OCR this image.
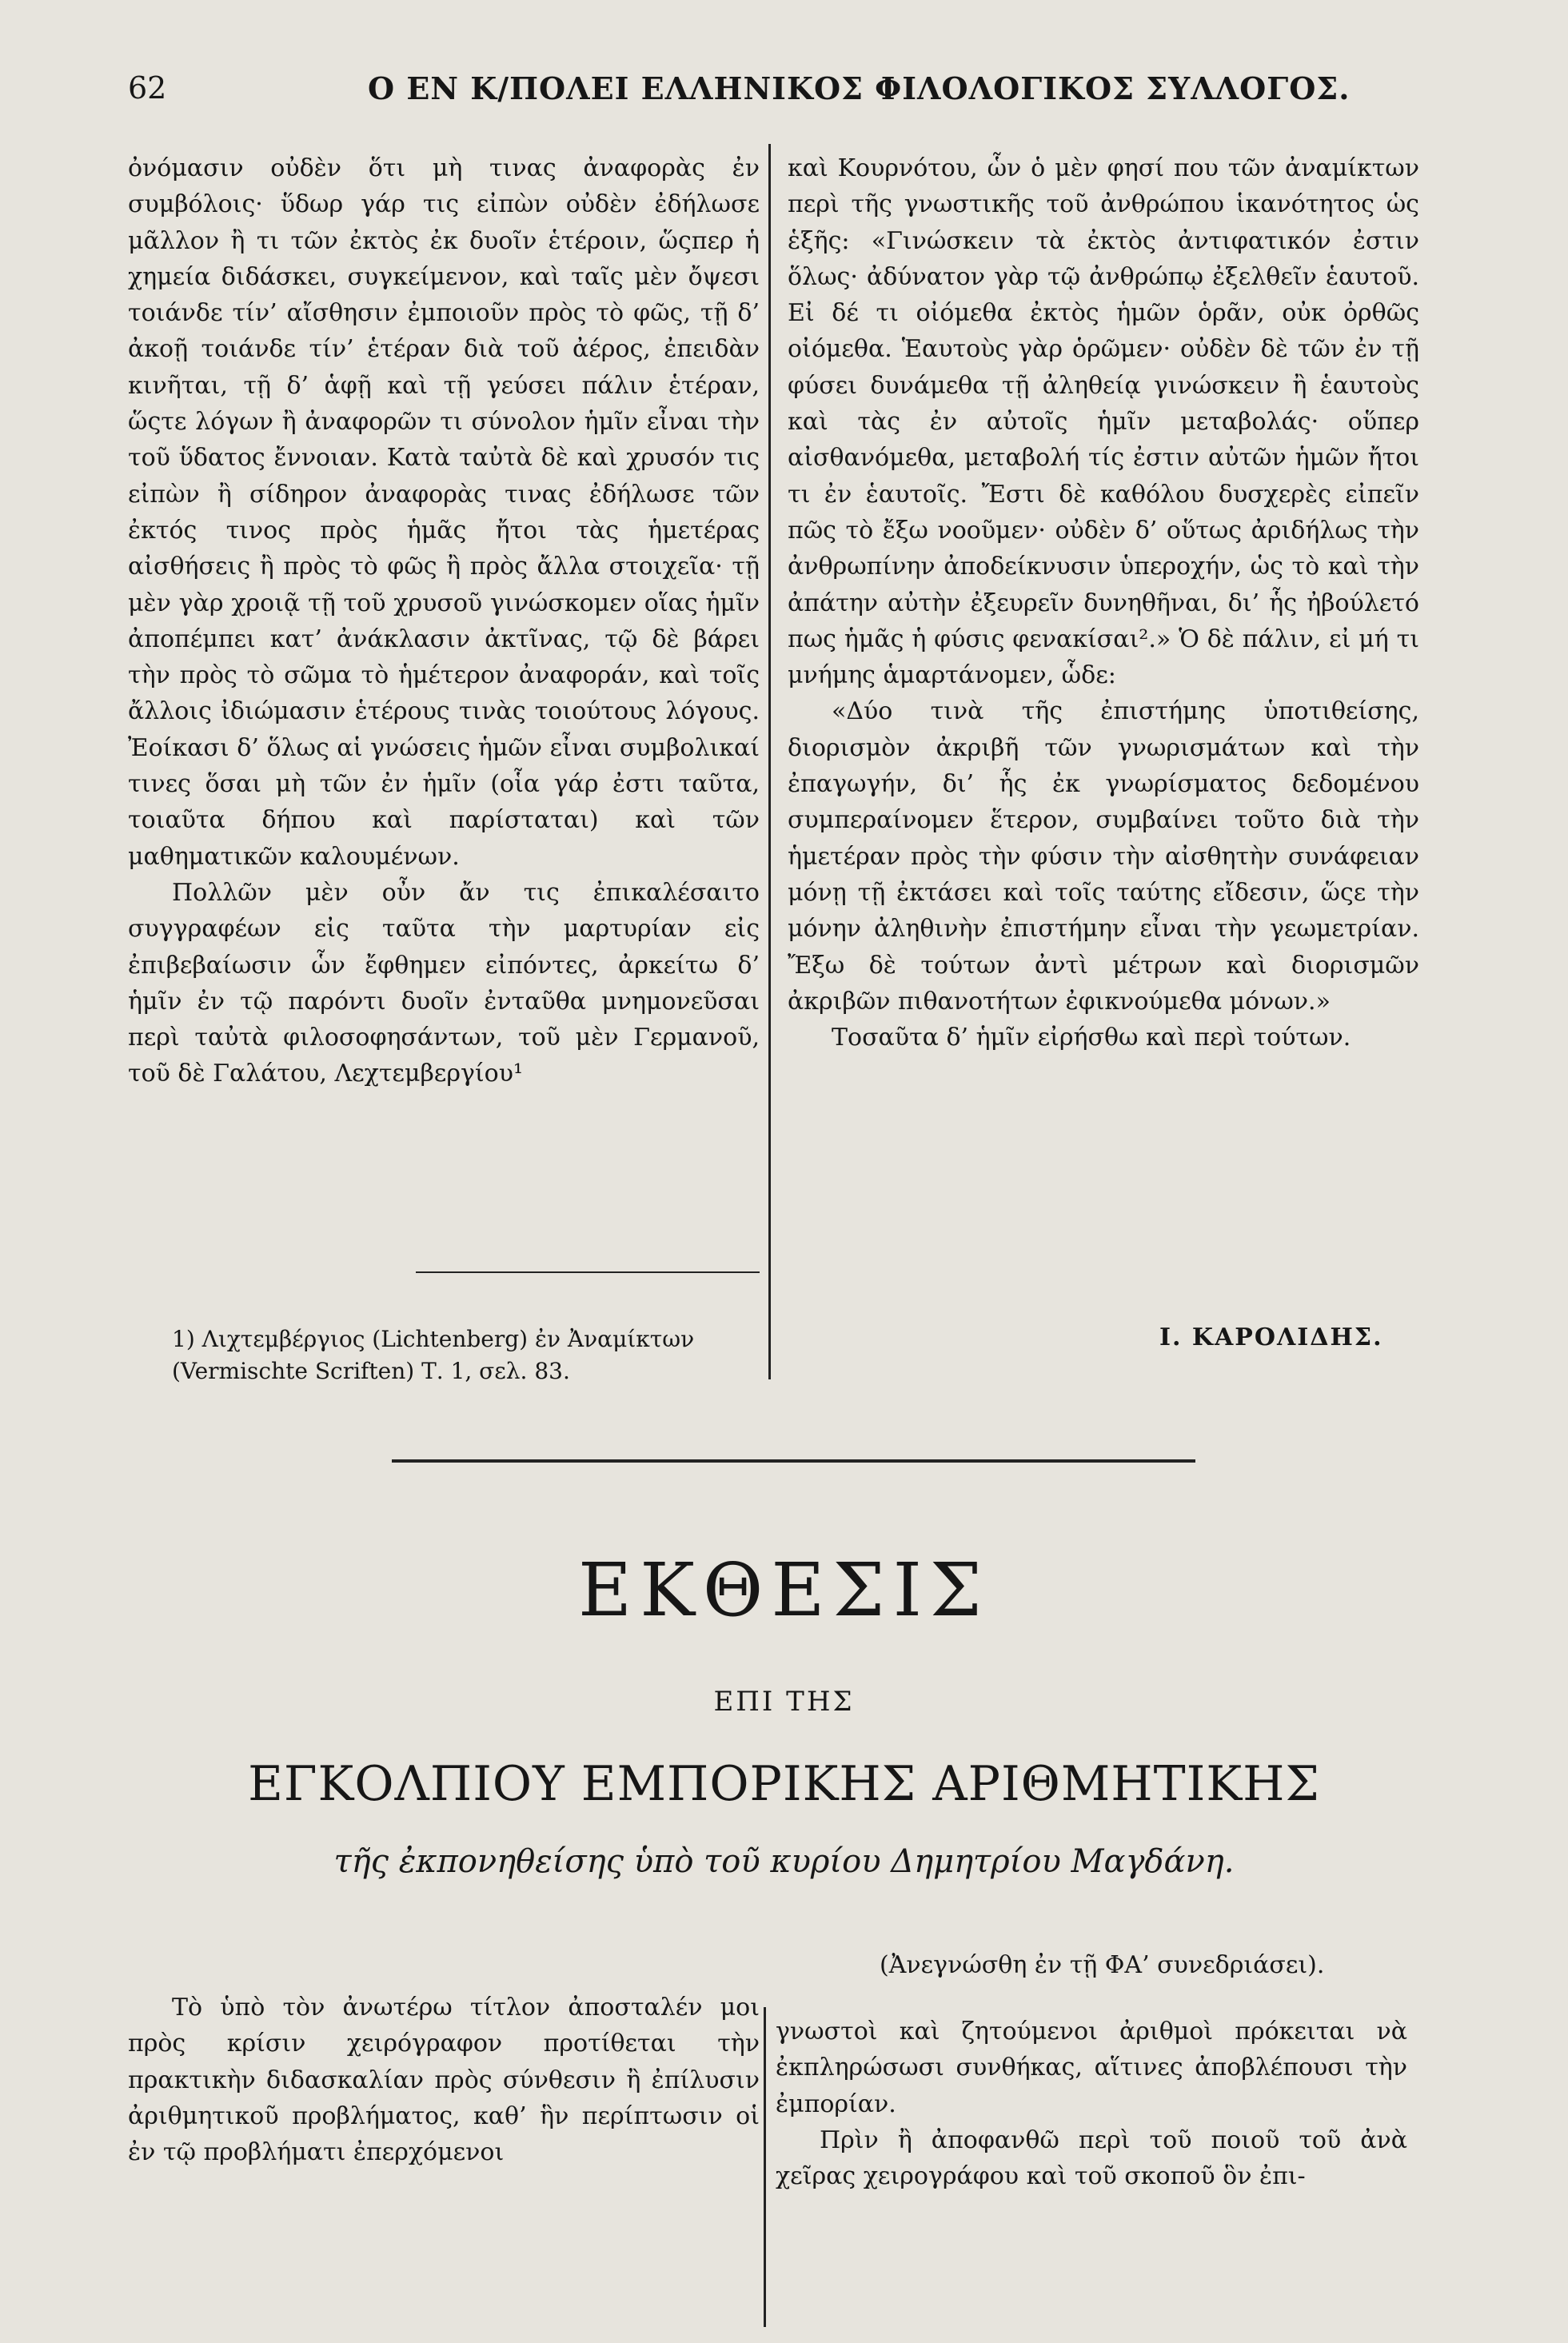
62	Ο ΕΝ Κ/ΠΟΛΕΙ ΕΛΛΗΝΙΚΟΣ ΦΙΛΟΛΟΓΙΚΟΣ ΣΥΛΛΟΓΟΣ.

ὀνόμασιν οὐδὲν ὅτι μὴ τινας ἀναφορὰς ἐν συμβόλοις· ὕδωρ γάρ τις εἰπὼν οὐδὲν ἐδήλωσε μᾶλλον ἢ τι τῶν ἐκτὸς ἐκ δυοῖν ἑτέροιν, ὥςπερ ἡ χημεία διδάσκει, συγκείμενον, καὶ ταῖς μὲν ὄψεσι τοιάνδε τίν’ αἴσθησιν ἐμποιοῦν πρὸς τὸ φῶς, τῇ δ’ ἀκοῇ τοιάνδε τίν’ ἑτέραν διὰ τοῦ ἀέρος, ἐπειδὰν κινῆται, τῇ δ’ ἁφῇ καὶ τῇ γεύσει πάλιν ἑτέραν, ὥςτε λόγων ἢ ἀναφορῶν τι σύνολον ἡμῖν εἶναι τὴν τοῦ ὕδατος ἔννοιαν. Κατὰ ταὐτὰ δὲ καὶ χρυσόν τις εἰπὼν ἢ σίδηρον ἀναφορὰς τινας ἐδήλωσε τῶν ἐκτός τινος πρὸς ἡμᾶς ἤτοι τὰς ἡμετέρας αἰσθήσεις ἢ πρὸς τὸ φῶς ἢ πρὸς ἄλλα στοιχεῖα· τῇ μὲν γὰρ χροιᾷ τῇ τοῦ χρυσοῦ γινώσκομεν οἵας ἡμῖν ἀποπέμπει κατ’ ἀνάκλασιν ἀκτῖνας, τῷ δὲ βάρει τὴν πρὸς τὸ σῶμα τὸ ἡμέτερον ἀναφοράν, καὶ τοῖς ἄλλοις ἰδιώμασιν ἑτέρους τινὰς τοιούτους λόγους. Ἐοίκασι δ’ ὅλως αἱ γνώσεις ἡμῶν εἶναι συμβολικαί τινες ὅσαι μὴ τῶν ἐν ἡμῖν (οἷα γάρ ἐστι ταῦτα, τοιαῦτα δήπου καὶ παρίσταται) καὶ τῶν μαθηματικῶν καλουμένων.

Πολλῶν μὲν οὖν ἄν τις ἐπικαλέσαιτο συγγραφέων εἰς ταῦτα τὴν μαρτυρίαν εἰς ἐπιβεβαίωσιν ὧν ἔφθημεν εἰπόντες, ἀρκείτω δ’ ἡμῖν ἐν τῷ παρόντι δυοῖν ἐνταῦθα μνημονεῦσαι περὶ ταὐτὰ φιλοσοφησάντων, τοῦ μὲν Γερμανοῦ, τοῦ δὲ Γαλάτου, Λεχτεμβεργίου¹

καὶ Κουρνότου, ὧν ὁ μὲν φησί που τῶν ἀναμίκτων περὶ τῆς γνωστικῆς τοῦ ἀνθρώπου ἱκανότητος ὡς ἑξῆς: «Γινώσκειν τὰ ἐκτὸς ἀντιφατικόν ἐστιν ὅλως· ἀδύνατον γὰρ τῷ ἀνθρώπῳ ἐξελθεῖν ἑαυτοῦ. Εἰ δέ τι οἰόμεθα ἐκτὸς ἡμῶν ὁρᾶν, οὐκ ὀρθῶς οἰόμεθα. Ἑαυτοὺς γὰρ ὁρῶμεν· οὐδὲν δὲ τῶν ἐν τῇ φύσει δυνάμεθα τῇ ἀληθείᾳ γινώσκειν ἢ ἑαυτοὺς καὶ τὰς ἐν αὐτοῖς ἡμῖν μεταβολάς· οὕπερ αἰσθανόμεθα, μεταβολή τίς ἐστιν αὐτῶν ἡμῶν ἤτοι τι ἐν ἑαυτοῖς. Ἔστι δὲ καθόλου δυσχερὲς εἰπεῖν πῶς τὸ ἔξω νοοῦμεν· οὐδὲν δ’ οὕτως ἀριδήλως τὴν ἀνθρωπίνην ἀποδείκνυσιν ὑπεροχήν, ὡς τὸ καὶ τὴν ἀπάτην αὐτὴν ἐξευρεῖν δυνηθῆναι, δι’ ἧς ἠβούλετό πως ἡμᾶς ἡ φύσις φενακίσαι².» Ὁ δὲ πάλιν, εἰ μή τι μνήμης ἁμαρτάνομεν, ὧδε:

«Δύο τινὰ τῆς ἐπιστήμης ὑποτιθείσης, διορισμὸν ἀκριβῆ τῶν γνωρισμάτων καὶ τὴν ἐπαγωγήν, δι’ ἧς ἐκ γνωρίσματος δεδομένου συμπεραίνομεν ἕτερον, συμβαίνει τοῦτο διὰ τὴν ἡμετέραν πρὸς τὴν φύσιν τὴν αἰσθητὴν συνάφειαν μόνῃ τῇ ἐκτάσει καὶ τοῖς ταύτης εἴδεσιν, ὥςε τὴν μόνην ἀληθινὴν ἐπιστήμην εἶναι τὴν γεωμετρίαν. Ἔξω δὲ τούτων ἀντὶ μέτρων καὶ διορισμῶν ἀκριβῶν πιθανοτήτων ἐφικνούμεθα μόνων.»

Τοσαῦτα δ’ ἡμῖν εἰρήσθω καὶ περὶ τούτων.

1) Λιχτεμβέργιος (Lichtenberg) ἐν Ἀναμίκτων
(Vermischte Scriften) Τ. 1, σελ. 83.
Ι. ΚΑΡΟΛΙΔΗΣ.
ΕΚΘΕΣΙΣ
ΕΠΙ ΤΗΣ
ΕΓΚΟΛΠΙΟΥ ΕΜΠΟΡΙΚΗΣ ΑΡΙΘΜΗΤΙΚΗΣ
τῆς ἐκπονηθείσης ὑπὸ τοῦ κυρίου Δημητρίου Μαγδάνη.
(Ἀνεγνώσθη ἐν τῇ ΦΑ’ συνεδριάσει).

Τὸ ὑπὸ τὸν ἀνωτέρω τίτλον ἀποσταλέν μοι πρὸς κρίσιν χειρόγραφον προτίθεται τὴν πρακτικὴν διδασκαλίαν πρὸς σύνθεσιν ἢ ἐπίλυσιν ἀριθμητικοῦ προβλήματος, καθ’ ἣν περίπτωσιν οἱ ἐν τῷ προβλήματι ἐπερχόμενοι

γνωστοὶ καὶ ζητούμενοι ἀριθμοὶ πρόκειται νὰ ἐκπληρώσωσι συνθήκας, αἵτινες ἀποβλέπουσι τὴν ἐμπορίαν.

Πρὶν ἢ ἀποφανθῶ περὶ τοῦ ποιοῦ τοῦ ἀνὰ χεῖρας χειρογράφου καὶ τοῦ σκοποῦ ὃν ἐπι-
